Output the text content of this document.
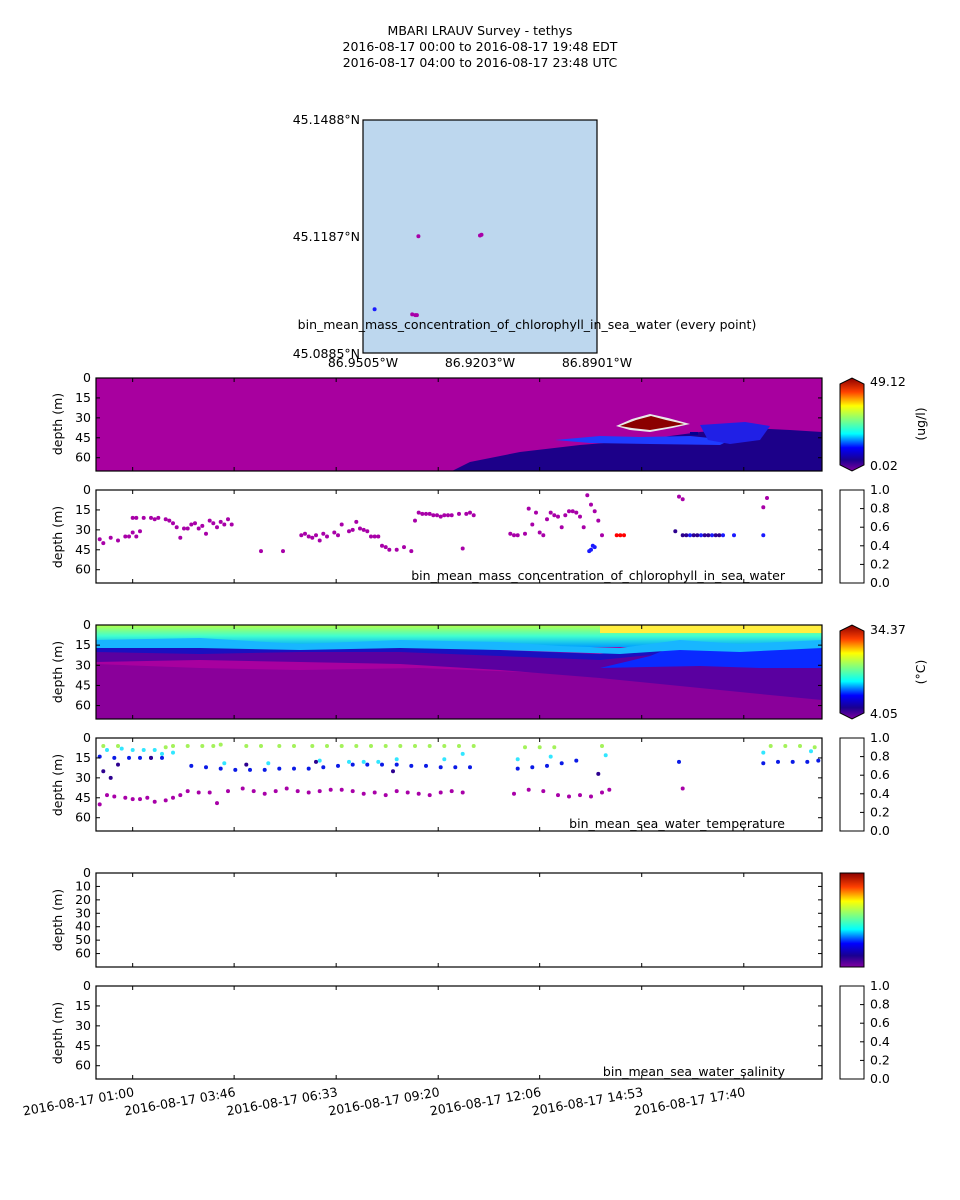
MBARI LRAUV Survey - tethys
2016-08-17 00:00 to 2016-08-17 19:48 EDT
2016-08-17 04:00 to 2016-08-17 23:48 UTC
45.1488°N
45.1187°N
45.0885°N
86.9505°W	86.9203°W	86.8901°W
bin_mean_mass_concentration_of_chlorophyll_in_sea_water (every point)
depth (m)
0
15
30
45
60
49.12
0.02
(ug/l)
depth (m)
0
15
30
45
60	bin_mean_mass_concentration_of_chlorophyll_in_sea_water
1.0
0.8
0.6
0.4
0.2
0.0
depth (m)
0
15
30
45
60
34.37
4.05
(°C)
depth (m)
0
15
30
45
60	bin_mean_sea_water_temperature
1.0
0.8
0.6
0.4
0.2
0.0
depth (m)
0
10
20
30
40
50
60
depth (m)
0
15
30
45
60	bin_mean_sea_water_salinity
1.0
0.8
0.6
0.4
0.2
0.0
2016-08-17 01:00
2016-08-17 03:46
2016-08-17 06:33
2016-08-17 09:20
2016-08-17 12:06
2016-08-17 14:53
2016-08-17 17:40
